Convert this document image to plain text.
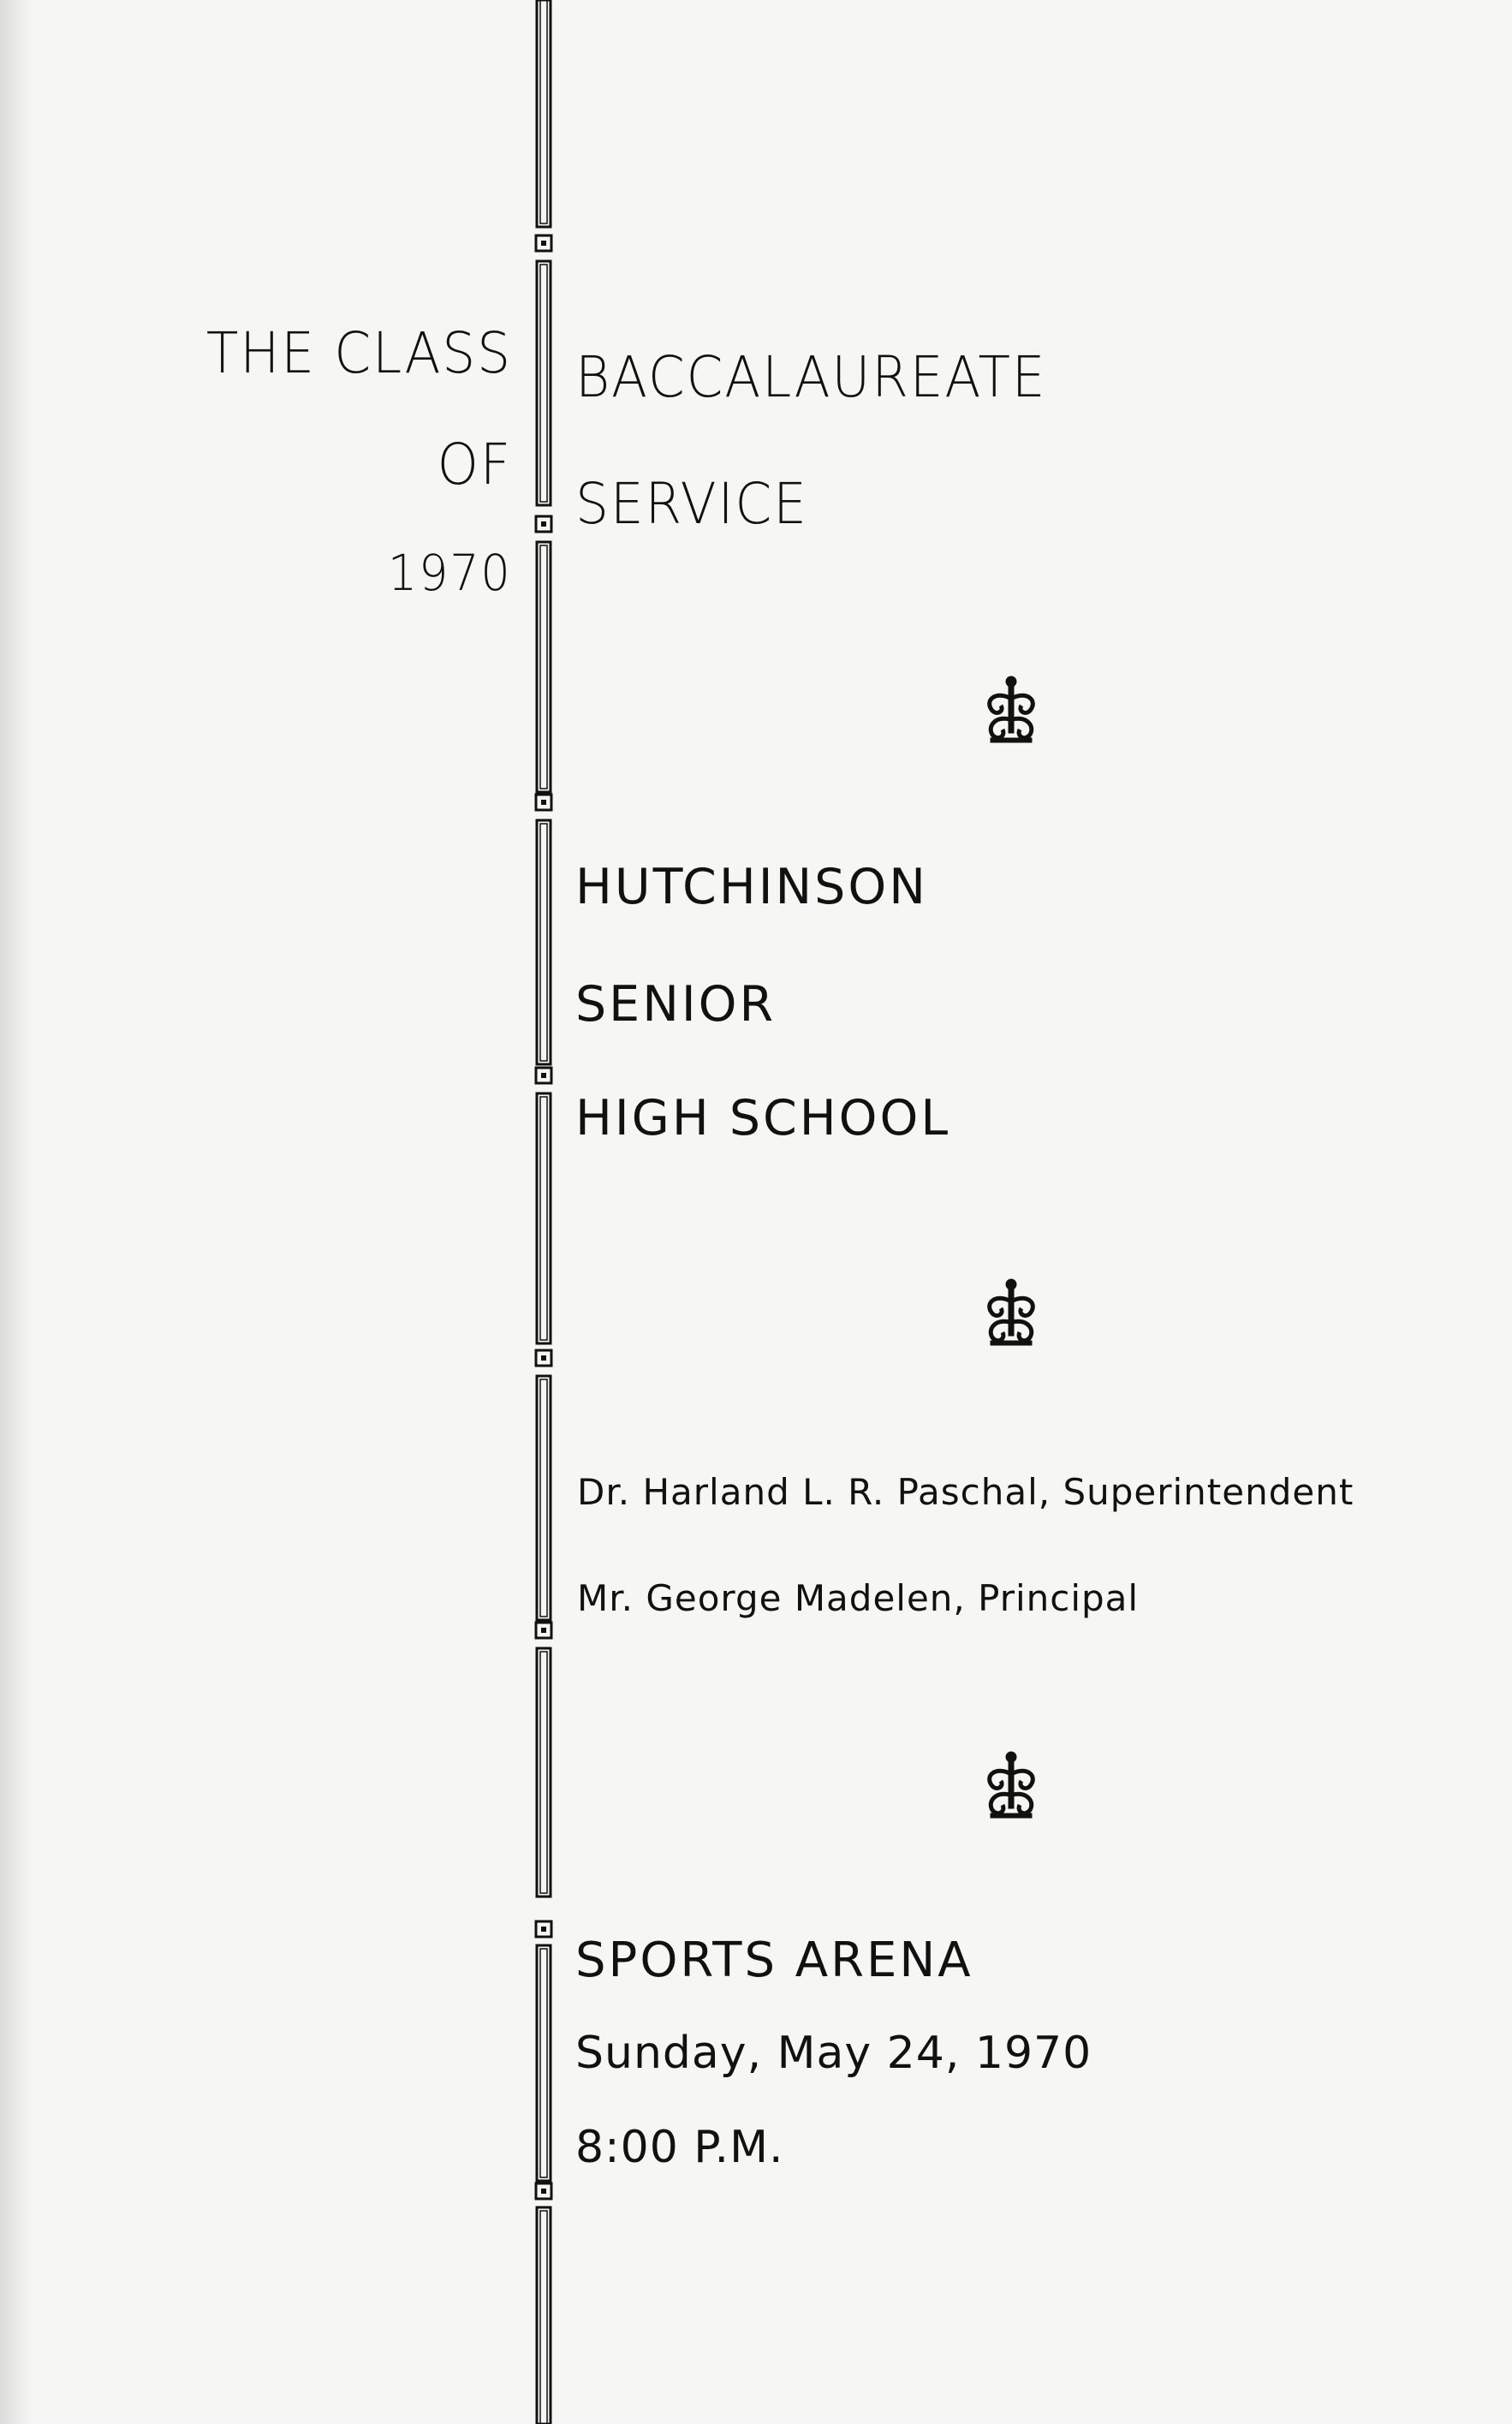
THE CLASS
OF
1970
BACCALAUREATE
SERVICE
HUTCHINSON
SENIOR
HIGH SCHOOL
Dr. Harland L. R. Paschal, Superintendent
Mr. George Madelen, Principal
SPORTS ARENA
Sunday, May 24, 1970
8:00 P.M.
